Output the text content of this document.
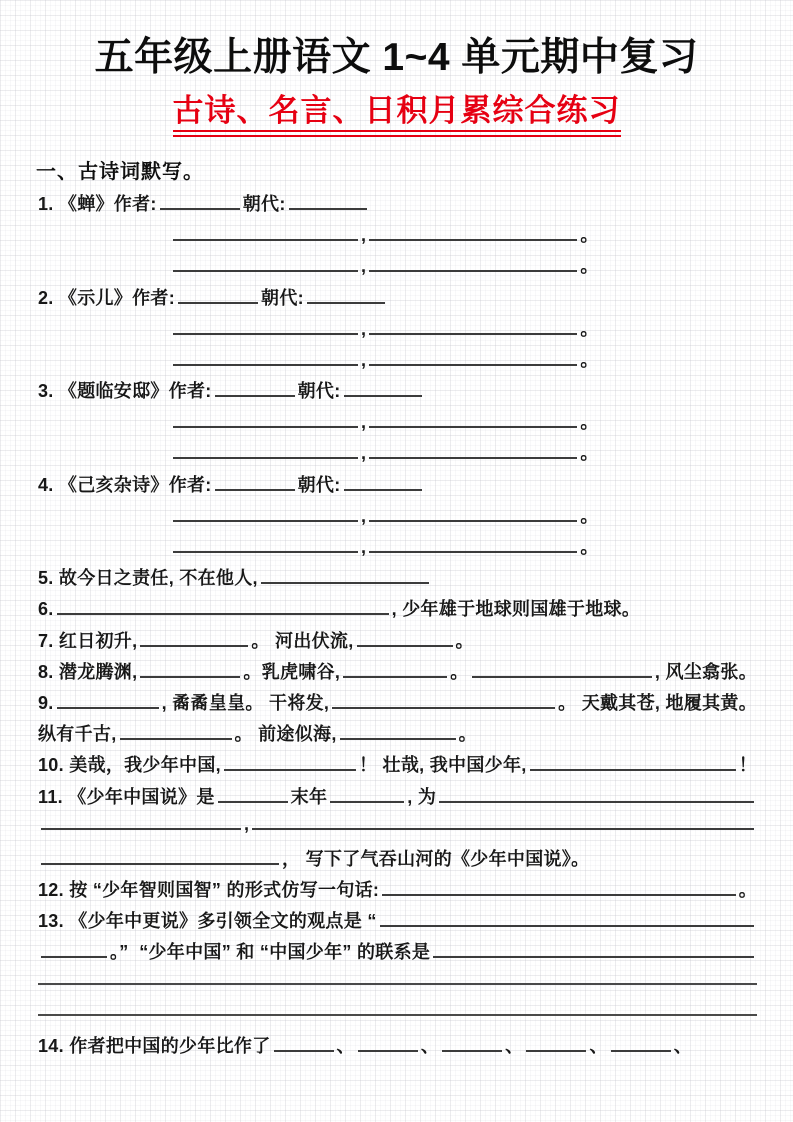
五年级上册语文 1~4 单元期中复习
古诗、名言、日积月累综合练习
一、古诗词默写。
1. 《蝉》作者:	朝代:
,	。
,	。
2. 《示儿》作者:	朝代:
,	。
,	。
3. 《题临安邸》作者:	朝代:
,	。
,	。
4. 《己亥杂诗》作者:	朝代:
,	。
,	。
5. 故今日之责任, 不在他人,
6.	, 少年雄于地球则国雄于地球。
7. 红日初升,	。 河出伏流,	。
8. 潜龙腾渊,	。乳虎啸谷,	。	, 风尘翕张。
9.	, 矞矞皇皇。 干将发,	。 天戴其苍, 地履其黄。
纵有千古,	。 前途似海,	。
10. 美哉，我少年中国,	！ 壮哉, 我中国少年,	！
11. 《少年中国说》是	末年	, 为
,
， 写下了气吞山河的《少年中国说》。
12. 按 “少年智则国智” 的形式仿写一句话:	。
13. 《少年中更说》多引领全文的观点是 “
。”  “少年中国” 和 “中国少年” 的联系是
14. 作者把中国的少年比作了	、	、	、	、	、
